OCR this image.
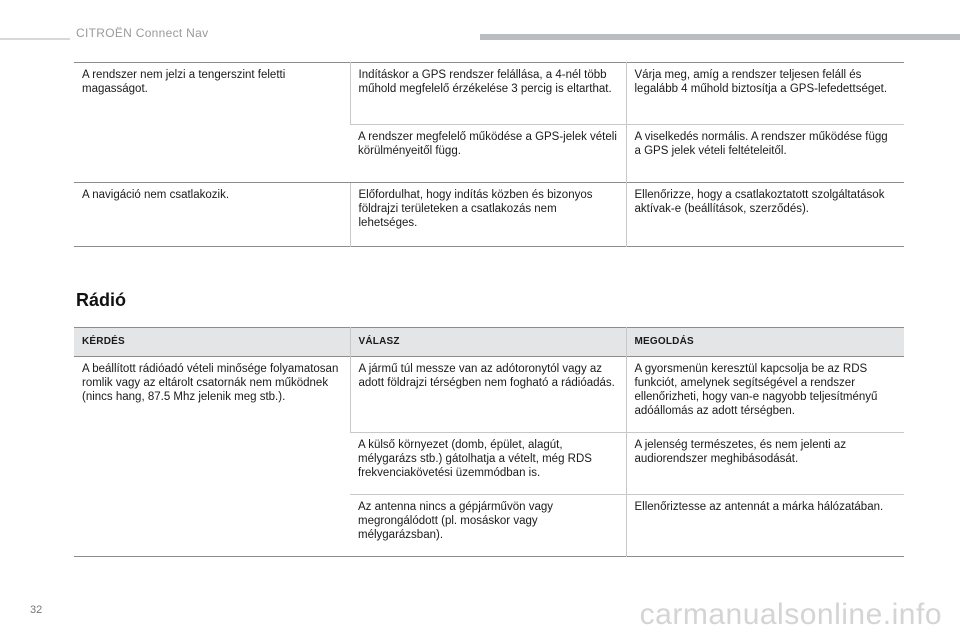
CITROËN Connect Nav
A rendszer nem jelzi a tengerszint feletti magasságot.	Indításkor a GPS rendszer felállása, a 4-nél több műhold megfelelő érzékelése 3 percig is eltarthat.	Várja meg, amíg a rendszer teljesen feláll és legalább 4 műhold biztosítja a GPS-lefedettséget.
	A rendszer megfelelő működése a GPS-jelek vételi körülményeitől függ.	A viselkedés normális. A rendszer működése függ a GPS jelek vételi feltételeitől.
A navigáció nem csatlakozik.	Előfordulhat, hogy indítás közben és bizonyos földrajzi területeken a csatlakozás nem lehetséges.	Ellenőrizze, hogy a csatlakoztatott szolgáltatások aktívak-e (beállítások, szerződés).
Rádió
KÉRDÉS	VÁLASZ	MEGOLDÁS
A beállított rádióadó vételi minősége folyamatosan romlik vagy az eltárolt csatornák nem működnek (nincs hang, 87.5 Mhz jelenik meg stb.).	A jármű túl messze van az adótoronytól vagy az adott földrajzi térségben nem fogható a rádióadás.	A gyorsmenün keresztül kapcsolja be az RDS funkciót, amelynek segítségével a rendszer ellenőrizheti, hogy van-e nagyobb teljesítményű adóállomás az adott térségben.
	A külső környezet (domb, épület, alagút, mélygarázs stb.) gátolhatja a vételt, még RDS frekvenciakövetési üzemmódban is.	A jelenség természetes, és nem jelenti az audiorendszer meghibásodását.
	Az antenna nincs a gépjárművön vagy megrongálódott (pl. mosáskor vagy mélygarázsban).	Ellenőriztesse az antennát a márka hálózatában.
32	carmanualsonline.info
